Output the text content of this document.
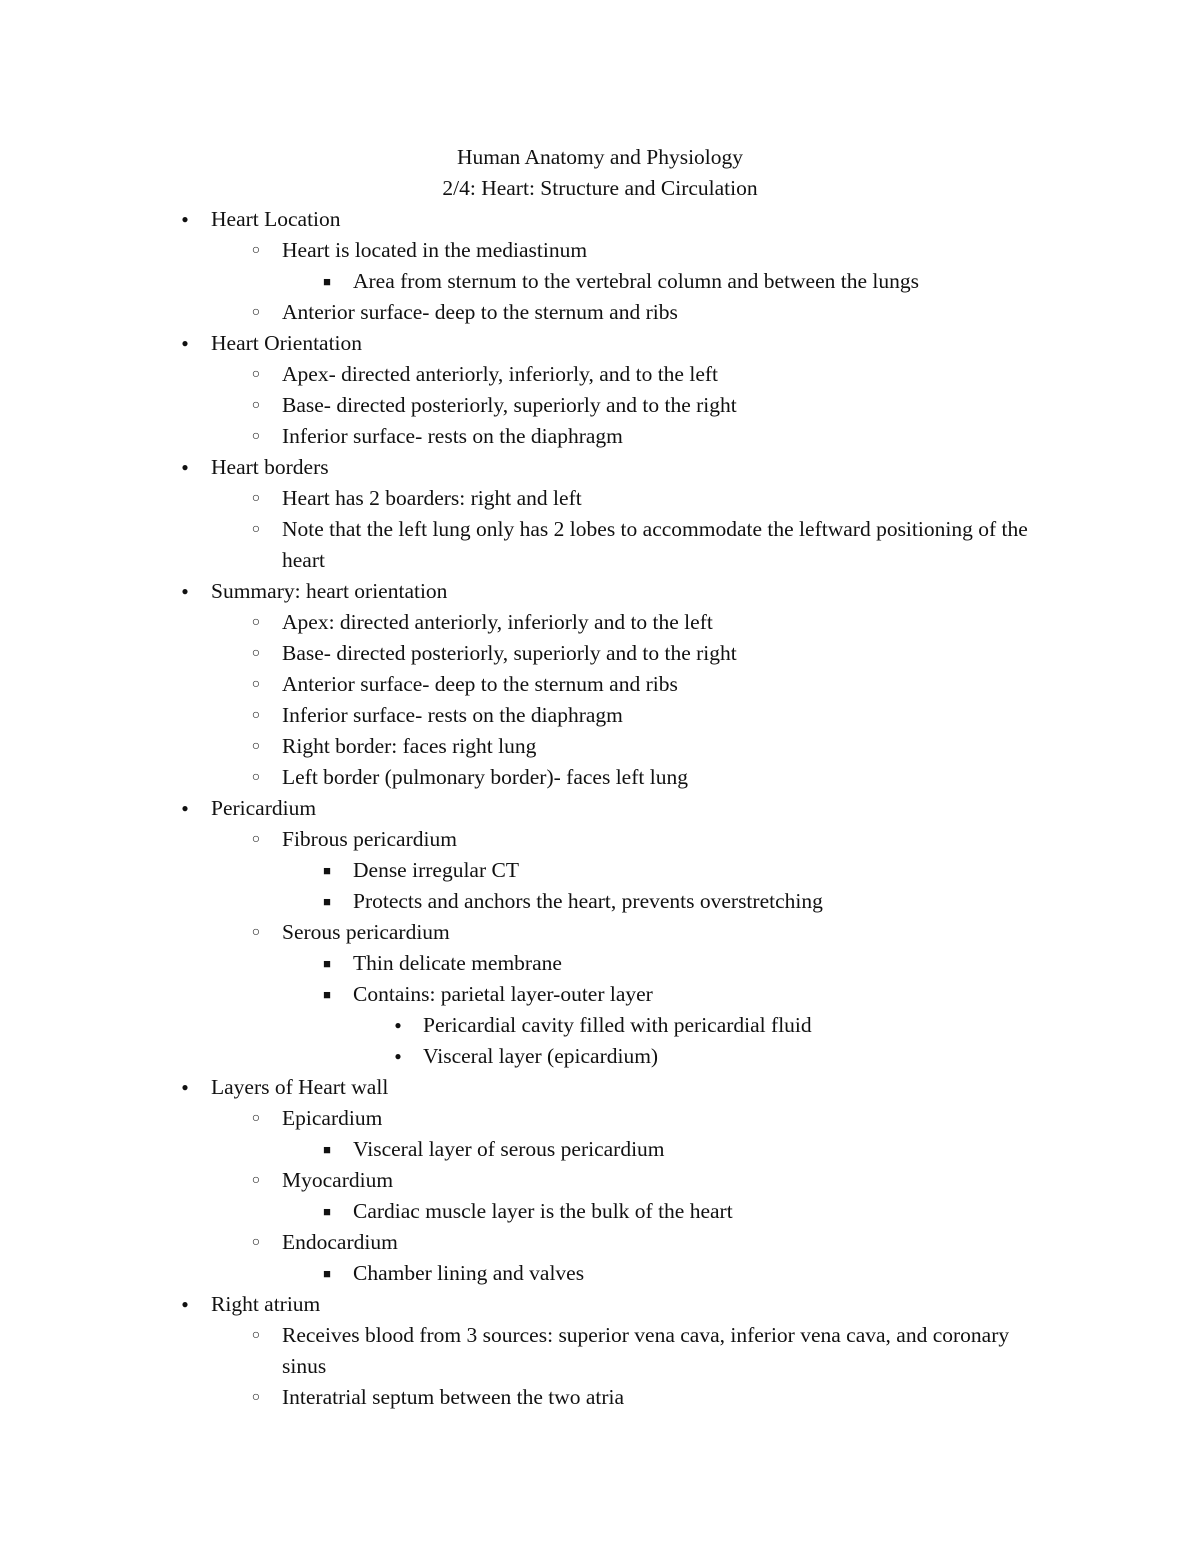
Human Anatomy and Physiology
2/4: Heart: Structure and Circulation
●
Heart Location
○
Heart is located in the mediastinum
■
Area from sternum to the vertebral column and between the lungs
○
Anterior surface- deep to the sternum and ribs
●
Heart Orientation
○
Apex- directed anteriorly, inferiorly, and to the left
○
Base- directed posteriorly, superiorly and to the right
○
Inferior surface- rests on the diaphragm
●
Heart borders
○
Heart has 2 boarders: right and left
○
Note that the left lung only has 2 lobes to accommodate the leftward positioning of the heart
●
Summary: heart orientation
○
Apex: directed anteriorly, inferiorly and to the left
○
Base- directed posteriorly, superiorly and to the right
○
Anterior surface- deep to the sternum and ribs
○
Inferior surface- rests on the diaphragm
○
Right border: faces right lung
○
Left border (pulmonary border)- faces left lung
●
Pericardium
○
Fibrous pericardium
■
Dense irregular CT
■
Protects and anchors the heart, prevents overstretching
○
Serous pericardium
■
Thin delicate membrane
■
Contains: parietal layer-outer layer
●
Pericardial cavity filled with pericardial fluid
●
Visceral layer (epicardium)
●
Layers of Heart wall
○
Epicardium
■
Visceral layer of serous pericardium
○
Myocardium
■
Cardiac muscle layer is the bulk of the heart
○
Endocardium
■
Chamber lining and valves
●
Right atrium
○
Receives blood from 3 sources: superior vena cava, inferior vena cava, and coronary sinus
○
Interatrial septum between the two atria
